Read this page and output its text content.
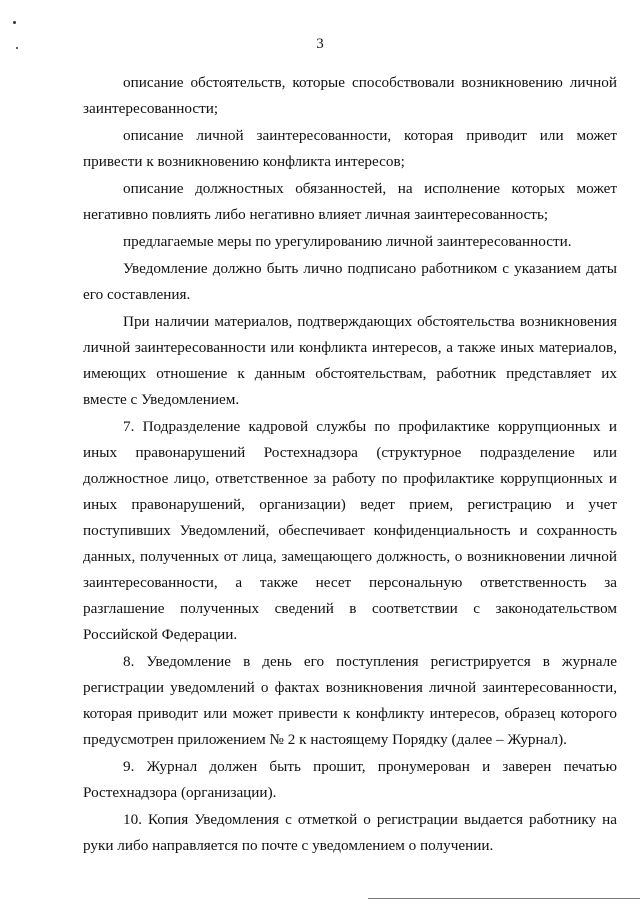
3

описание обстоятельств, которые способствовали возникновению личной заинтересованности;

описание личной заинтересованности, которая приводит или может привести к возникновению конфликта интересов;

описание должностных обязанностей, на исполнение которых может негативно повлиять либо негативно влияет личная заинтересованность;

предлагаемые меры по урегулированию личной заинтересованности.

Уведомление должно быть лично подписано работником с указанием даты его составления.

При наличии материалов, подтверждающих обстоятельства возникновения личной заинтересованности или конфликта интересов, а также иных материалов, имеющих отношение к данным обстоятельствам, работник представляет их вместе с Уведомлением.

7. Подразделение кадровой службы по профилактике коррупционных и иных правонарушений Ростехнадзора (структурное подразделение или должностное лицо, ответственное за работу по профилактике коррупционных и иных правонарушений, организации) ведет прием, регистрацию и учет поступивших Уведомлений, обеспечивает конфиденциальность и сохранность данных, полученных от лица, замещающего должность, о возникновении личной заинтересованности, а также несет персональную ответственность за разглашение полученных сведений в соответствии с законодательством Российской Федерации.

8. Уведомление в день его поступления регистрируется в журнале регистрации уведомлений о фактах возникновения личной заинтересованности, которая приводит или может привести к конфликту интересов, образец которого предусмотрен приложением № 2 к настоящему Порядку (далее – Журнал).

9. Журнал должен быть прошит, пронумерован и заверен печатью Ростехнадзора (организации).

10. Копия Уведомления с отметкой о регистрации выдается работнику на руки либо направляется по почте с уведомлением о получении.
